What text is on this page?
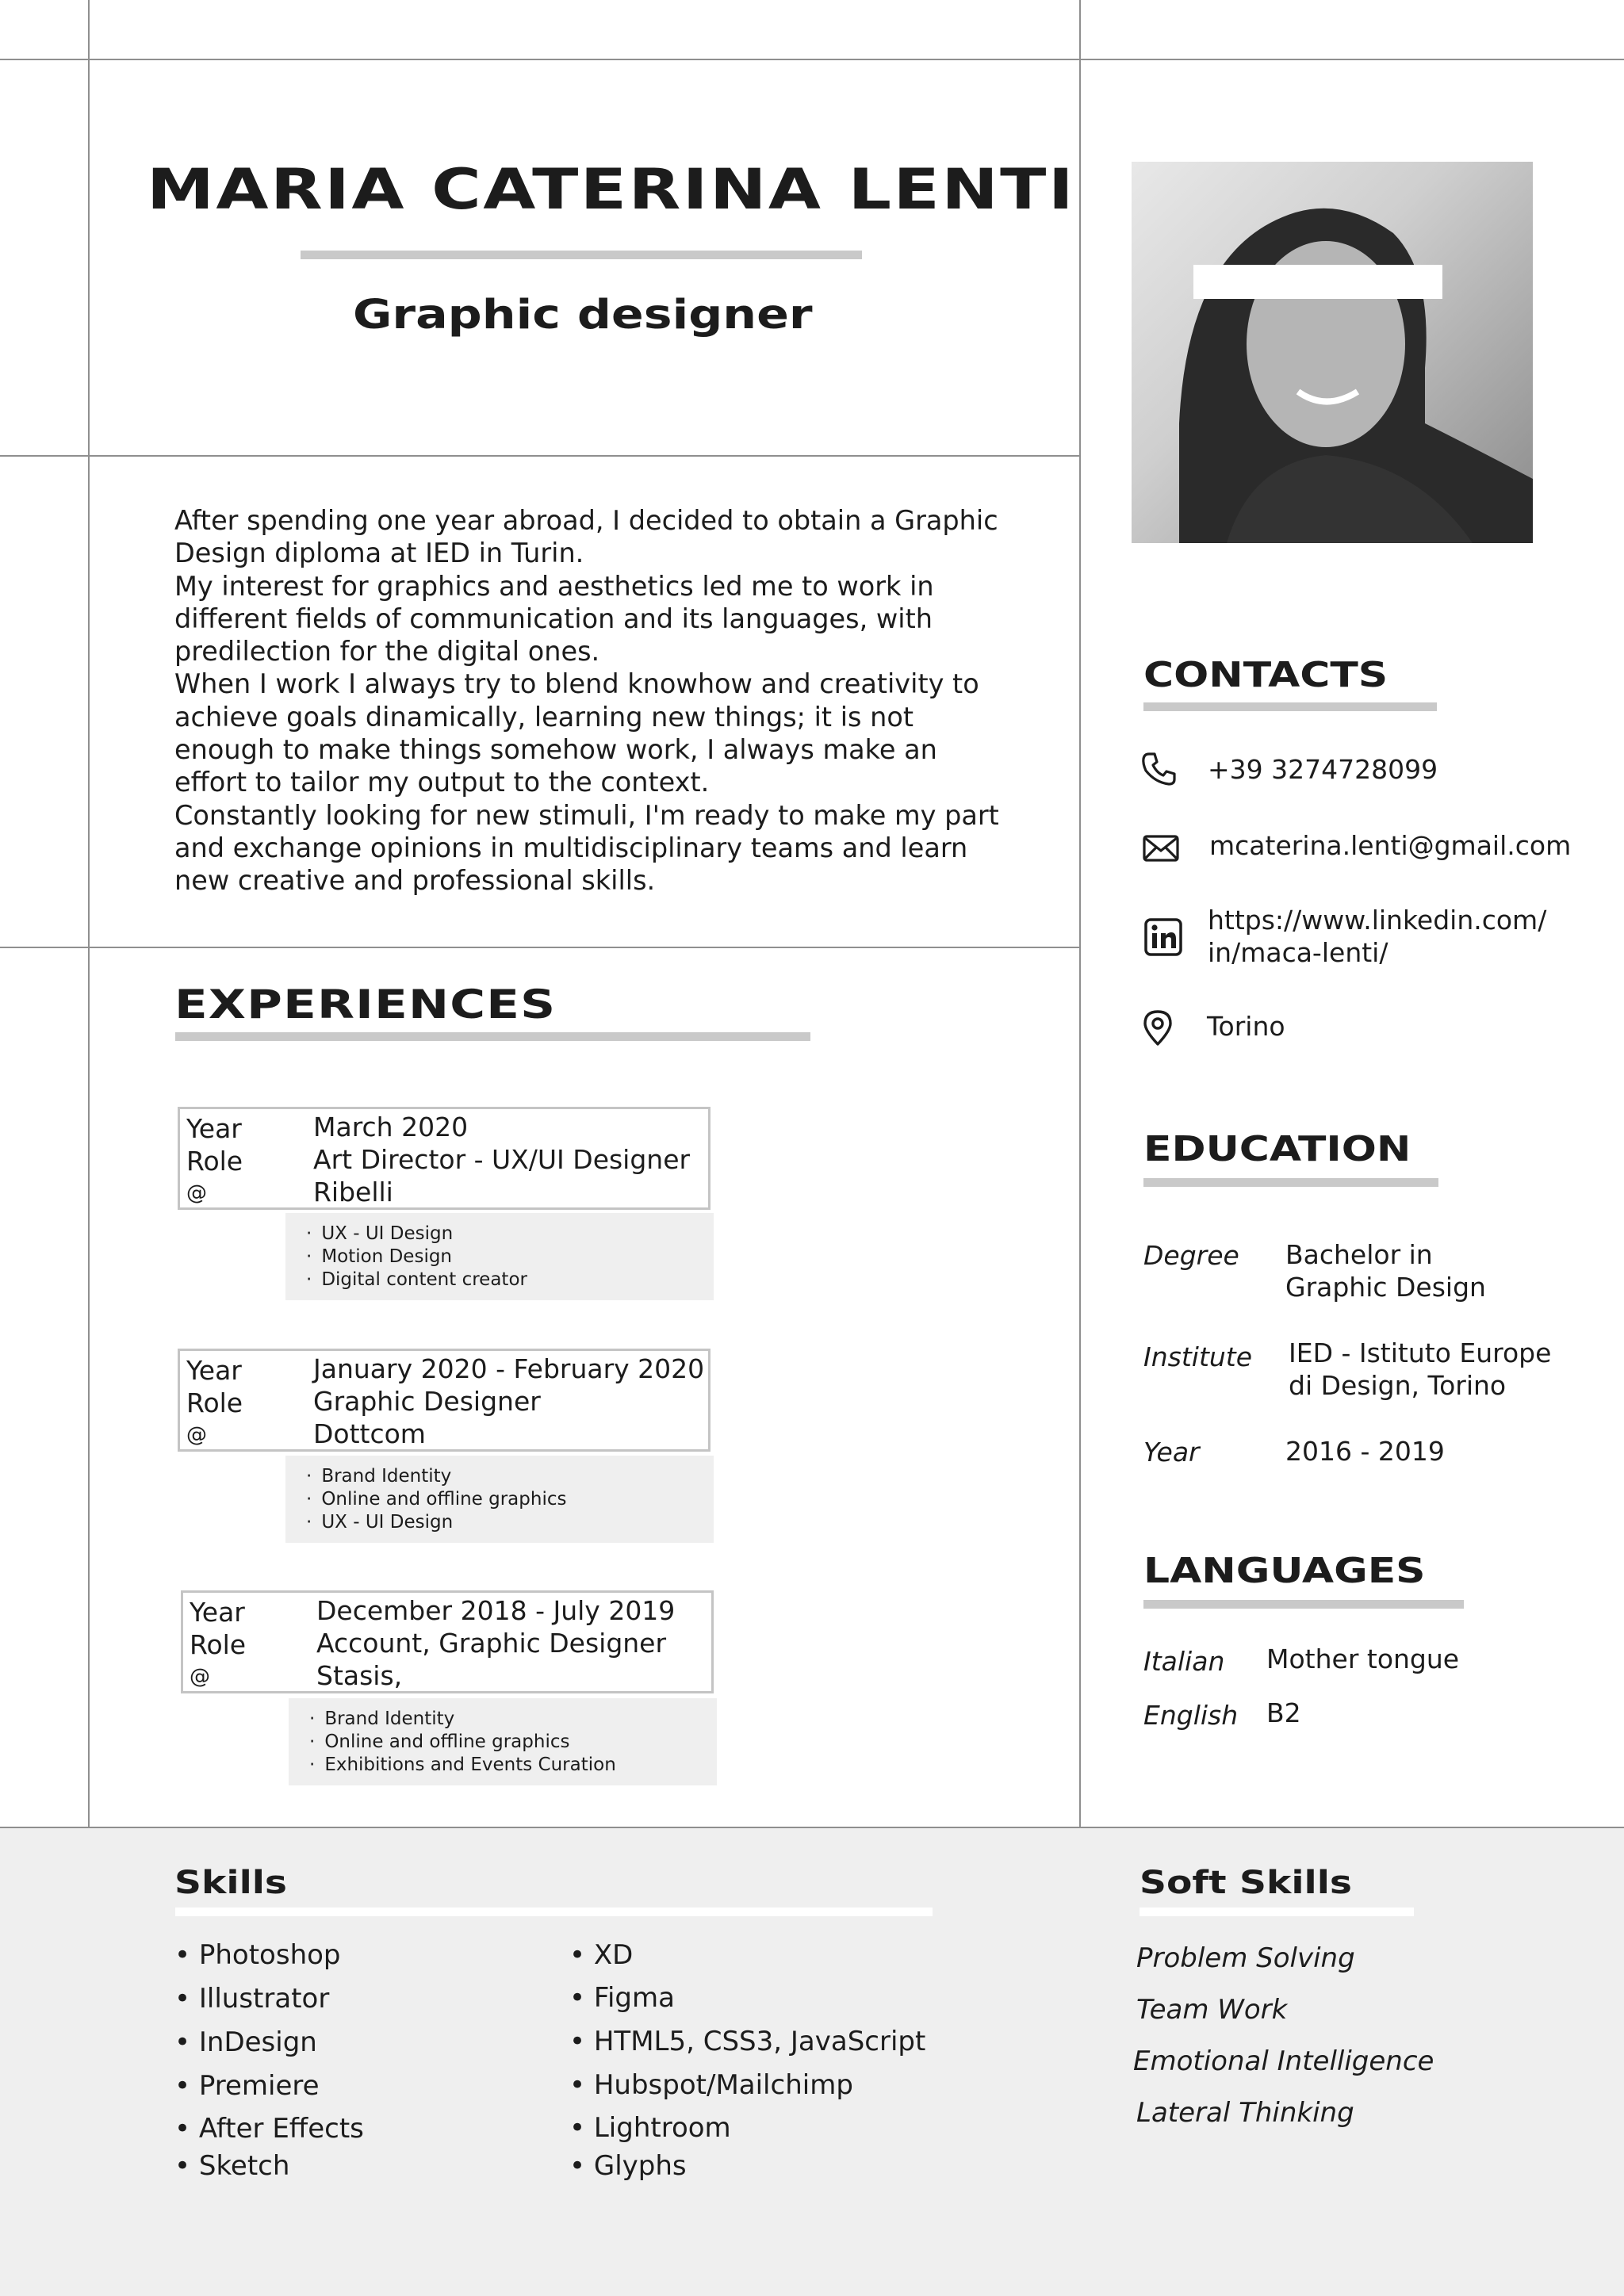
MARIA CATERINA LENTI
Graphic designer

After spending one year abroad, I decided to obtain a Graphic Design diploma at IED in Turin.

My interest for graphics and aesthetics led me to work in different fields of communication and its languages, with predilection for the digital ones.

When I work I always try to blend knowhow and creativity to achieve goals dinamically, learning new things; it is not enough to make things somehow work, I always make an effort to tailor my output to the context.

Constantly looking for new stimuli, I'm ready to make my part and exchange opinions in multidisciplinary teams and learn new creative and professional skills.

EXPERIENCES
Year
Role
@
March 2020
Art Director - UX/UI Designer
Ribelli
· UX - UI Design
· Motion Design
· Digital content creator
Year
Role
@
January 2020 - February 2020
Graphic Designer
Dottcom
· Brand Identity
· Online and offline graphics
· UX - UI Design
Year
Role
@
December 2018 - July 2019
Account, Graphic Designer
Stasis,
· Brand Identity
· Online and offline graphics
· Exhibitions and Events Curation
CONTACTS
+39 3274728099
mcaterina.lenti@gmail.com
https://www.linkedin.com/
in/maca-lenti/
Torino
EDUCATION
Degree Bachelor in
Graphic Design
Institute IED - Istituto Europe
di Design, Torino
Year	2016 - 2019
LANGUAGES
Italian Mother tongue
English B2
Skills
• Photoshop
• Illustrator
• InDesign
• Premiere
• After Effects
• Sketch
• XD
• Figma
• HTML5, CSS3, JavaScript
• Hubspot/Mailchimp
• Lightroom
• Glyphs
Soft Skills
Problem Solving
Team Work
Emotional Intelligence
Lateral Thinking
